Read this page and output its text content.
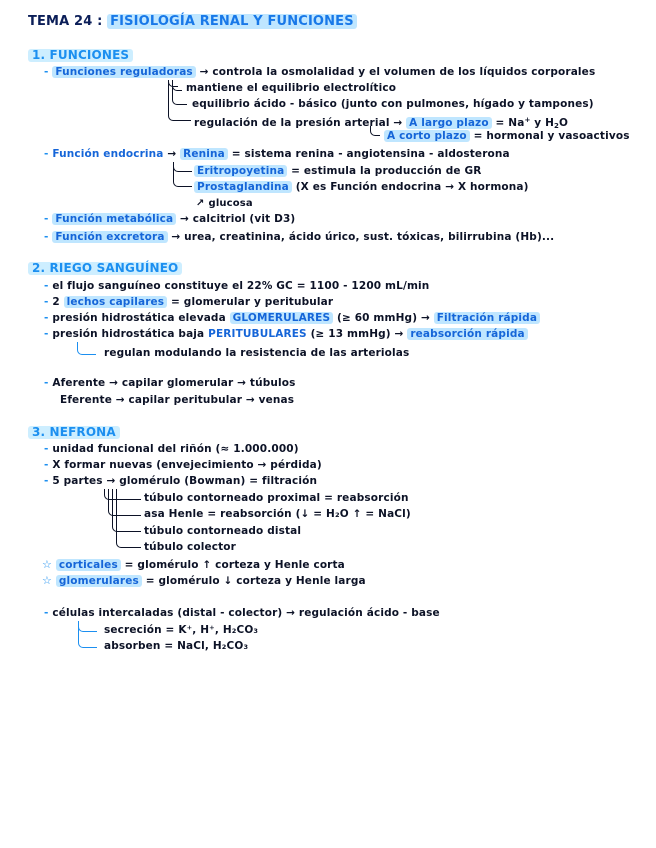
TEMA 24 : FISIOLOGÍA RENAL Y FUNCIONES
1. FUNCIONES
- Funciones reguladoras → controla la osmolalidad y el volumen de los líquidos corporales
mantiene el equilibrio electrolítico
equilibrio ácido - básico (junto con pulmones, hígado y tampones)
regulación de la presión arterial → A largo plazo = Na+ y $H_2O$
A corto plazo = hormonal y vasoactivos
- Función endocrina → Renina = sistema renina - angiotensina - aldosterona
Eritropoyetina = estimula la producción de GR
Prostaglandina (X es Función endocrina → X hormona)
↗ glucosa
- Función metabólica → calcitriol (vit D3)
- Función excretora → urea, creatinina, ácido úrico, sust. tóxicas, bilirrubina (Hb)...
2. RIEGO SANGUÍNEO
- el flujo sanguíneo constituye el 22% GC = 1100 - 1200 mL/min
- 2 lechos capilares = glomerular y peritubular
- presión hidrostática elevada GLOMERULARES (≥ 60 mmHg) → Filtración rápida
- presión hidrostática baja PERITUBULARES (≥ 13 mmHg) → reabsorción rápida
regulan modulando la resistencia de las arteriolas
- Aferente → capilar glomerular → túbulos
Eferente → capilar peritubular → venas
3. NEFRONA
- unidad funcional del riñón (≈ 1.000.000)
- X formar nuevas (envejecimiento → pérdida)
- 5 partes → glomérulo (Bowman) = filtración
túbulo contorneado proximal = reabsorción
asa Henle = reabsorción (↓ = H₂O ↑ = NaCl)
túbulo contorneado distal
túbulo colector
☆ corticales = glomérulo ↑ corteza y Henle corta
☆ glomerulares = glomérulo ↓ corteza y Henle larga
- células intercaladas (distal - colector) → regulación ácido - base
secreción = K⁺, H⁺, H₂CO₃
absorben = NaCl, H₂CO₃
